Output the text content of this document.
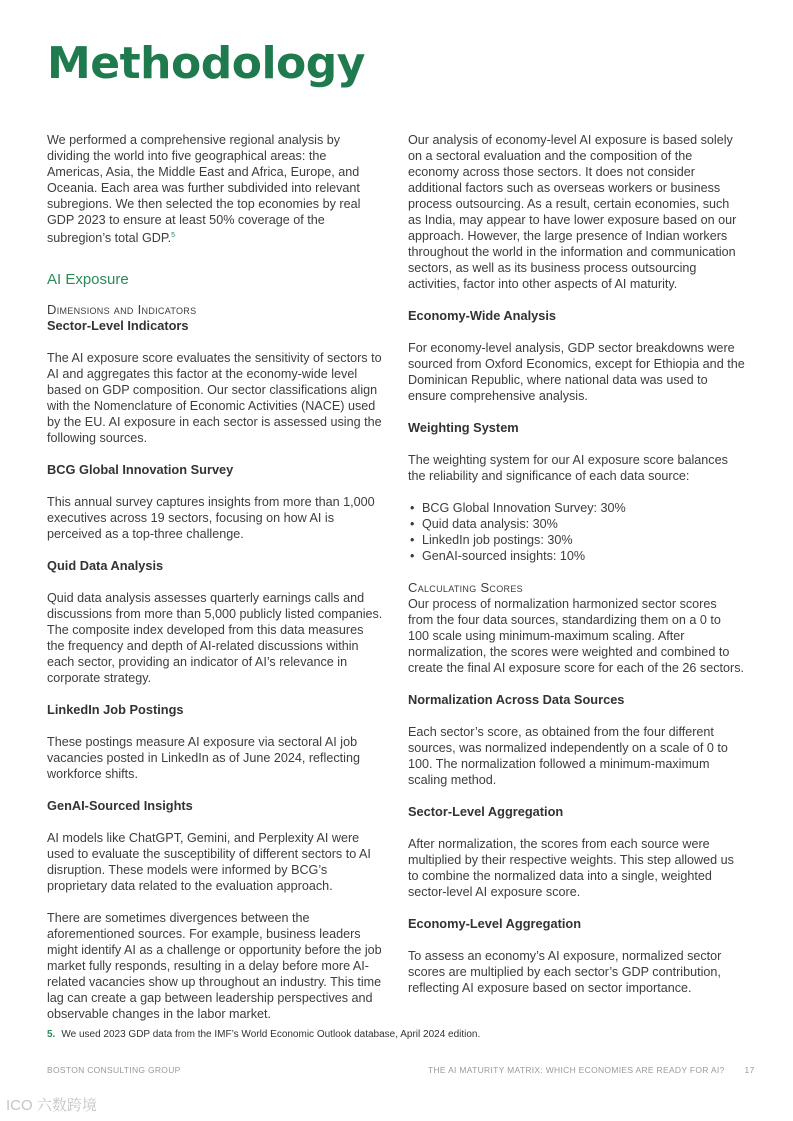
Methodology

We performed a comprehensive regional analysis by dividing the world into five geographical areas: the Americas, Asia, the Middle East and Africa, Europe, and Oceania. Each area was further subdivided into relevant subregions. We then selected the top economies by real GDP 2023 to ensure at least 50% coverage of the subregion’s total GDP.$^5$

AI Exposure

Dimensions and Indicators

Sector-Level Indicators

The AI exposure score evaluates the sensitivity of sectors to AI and aggregates this factor at the economy-wide level based on GDP composition. Our sector classifications align with the Nomenclature of Economic Activities (NACE) used by the EU. AI exposure in each sector is assessed using the following sources.

BCG Global Innovation Survey

This annual survey captures insights from more than 1,000 executives across 19 sectors, focusing on how AI is perceived as a top-three challenge.

Quid Data Analysis

Quid data analysis assesses quarterly earnings calls and discussions from more than 5,000 publicly listed companies. The composite index developed from this data measures the frequency and depth of AI-related discussions within each sector, providing an indicator of AI’s relevance in corporate strategy.

LinkedIn Job Postings

These postings measure AI exposure via sectoral AI job vacancies posted in LinkedIn as of June 2024, reflecting workforce shifts.

GenAI-Sourced Insights

AI models like ChatGPT, Gemini, and Perplexity AI were used to evaluate the susceptibility of different sectors to AI disruption. These models were informed by BCG’s proprietary data related to the evaluation approach.

There are sometimes divergences between the aforementioned sources. For example, business leaders might identify AI as a challenge or opportunity before the job market fully responds, resulting in a delay before more AI-related vacancies show up throughout an industry. This time lag can create a gap between leadership perspectives and observable changes in the labor market.

Our analysis of economy-level AI exposure is based solely on a sectoral evaluation and the composition of the economy across those sectors. It does not consider additional factors such as overseas workers or business process outsourcing. As a result, certain economies, such as India, may appear to have lower exposure based on our approach. However, the large presence of Indian workers throughout the world in the information and communication sectors, as well as its business process outsourcing activities, factor into other aspects of AI maturity.

Economy-Wide Analysis

For economy-level analysis, GDP sector breakdowns were sourced from Oxford Economics, except for Ethiopia and the Dominican Republic, where national data was used to ensure comprehensive analysis.

Weighting System

The weighting system for our AI exposure score balances the reliability and significance of each data source:

• BCG Global Innovation Survey: 30%
• Quid data analysis: 30%
• LinkedIn job postings: 30%
• GenAI-sourced insights: 10%

Calculating Scores

Our process of normalization harmonized sector scores from the four data sources, standardizing them on a 0 to 100 scale using minimum-maximum scaling. After normalization, the scores were weighted and combined to create the final AI exposure score for each of the 26 sectors.

Normalization Across Data Sources

Each sector’s score, as obtained from the four different sources, was normalized independently on a scale of 0 to 100. The normalization followed a minimum-maximum scaling method.

Sector-Level Aggregation

After normalization, the scores from each source were multiplied by their respective weights. This step allowed us to combine the normalized data into a single, weighted sector-level AI exposure score.

Economy-Level Aggregation

To assess an economy’s AI exposure, normalized sector scores are multiplied by each sector’s GDP contribution, reflecting AI exposure based on sector importance.

5. We used 2023 GDP data from the IMF’s World Economic Outlook database, April 2024 edition.
BOSTON CONSULTING GROUP	THE AI MATURITY MATRIX: WHICH ECONOMIES ARE READY FOR AI? 17
ICO 六数跨境
